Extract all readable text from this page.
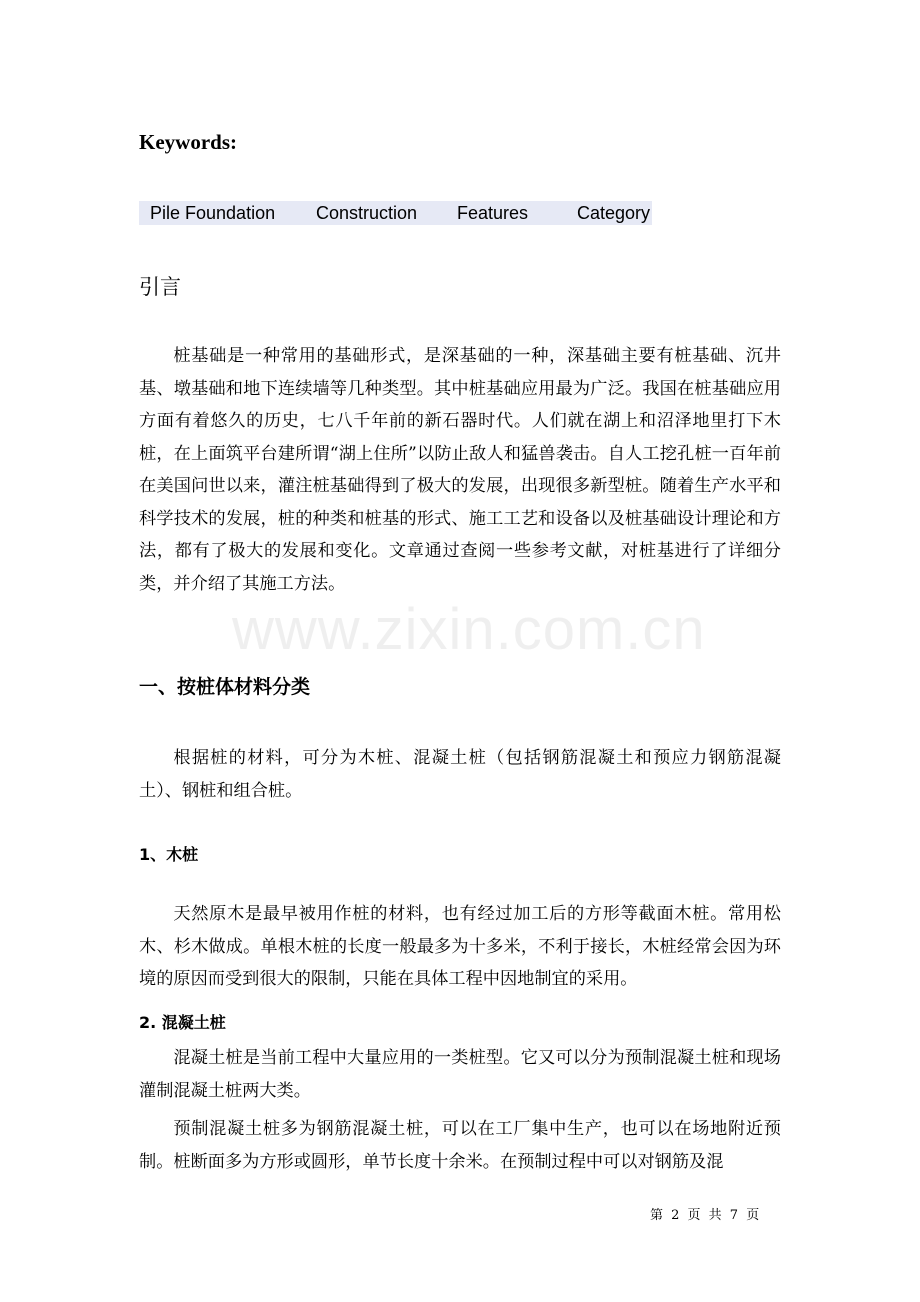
Keywords:
Pile Foundation Construction Features	Category
引言

桩基础是一种常用的基础形式，是深基础的一种，深基础主要有桩基础、沉井基、墩基础和地下连续墙等几种类型。其中桩基础应用最为广泛。我国在桩基础应用方面有着悠久的历史，七八千年前的新石器时代。人们就在湖上和沼泽地里打下木桩，在上面筑平台建所谓“湖上住所”以防止敌人和猛兽袭击。自人工挖孔桩一百年前在美国问世以来，灌注桩基础得到了极大的发展，出现很多新型桩。随着生产水平和科学技术的发展，桩的种类和桩基的形式、施工工艺和设备以及桩基础设计理论和方法，都有了极大的发展和变化。文章通过查阅一些参考文献，对桩基进行了详细分类，并介绍了其施工方法。

www.zixin.com.cn
一、按桩体材料分类

根据桩的材料，可分为木桩、混凝土桩（包括钢筋混凝土和预应力钢筋混凝土）、钢桩和组合桩。

1、木桩

天然原木是最早被用作桩的材料，也有经过加工后的方形等截面木桩。常用松木、杉木做成。单根木桩的长度一般最多为十多米，不利于接长，木桩经常会因为环境的原因而受到很大的限制，只能在具体工程中因地制宜的采用。

2. 混凝土桩

混凝土桩是当前工程中大量应用的一类桩型。它又可以分为预制混凝土桩和现场灌制混凝土桩两大类。

预制混凝土桩多为钢筋混凝土桩，可以在工厂集中生产，也可以在场地附近预制。桩断面多为方形或圆形，单节长度十余米。在预制过程中可以对钢筋及混

第 2 页 共 7 页
